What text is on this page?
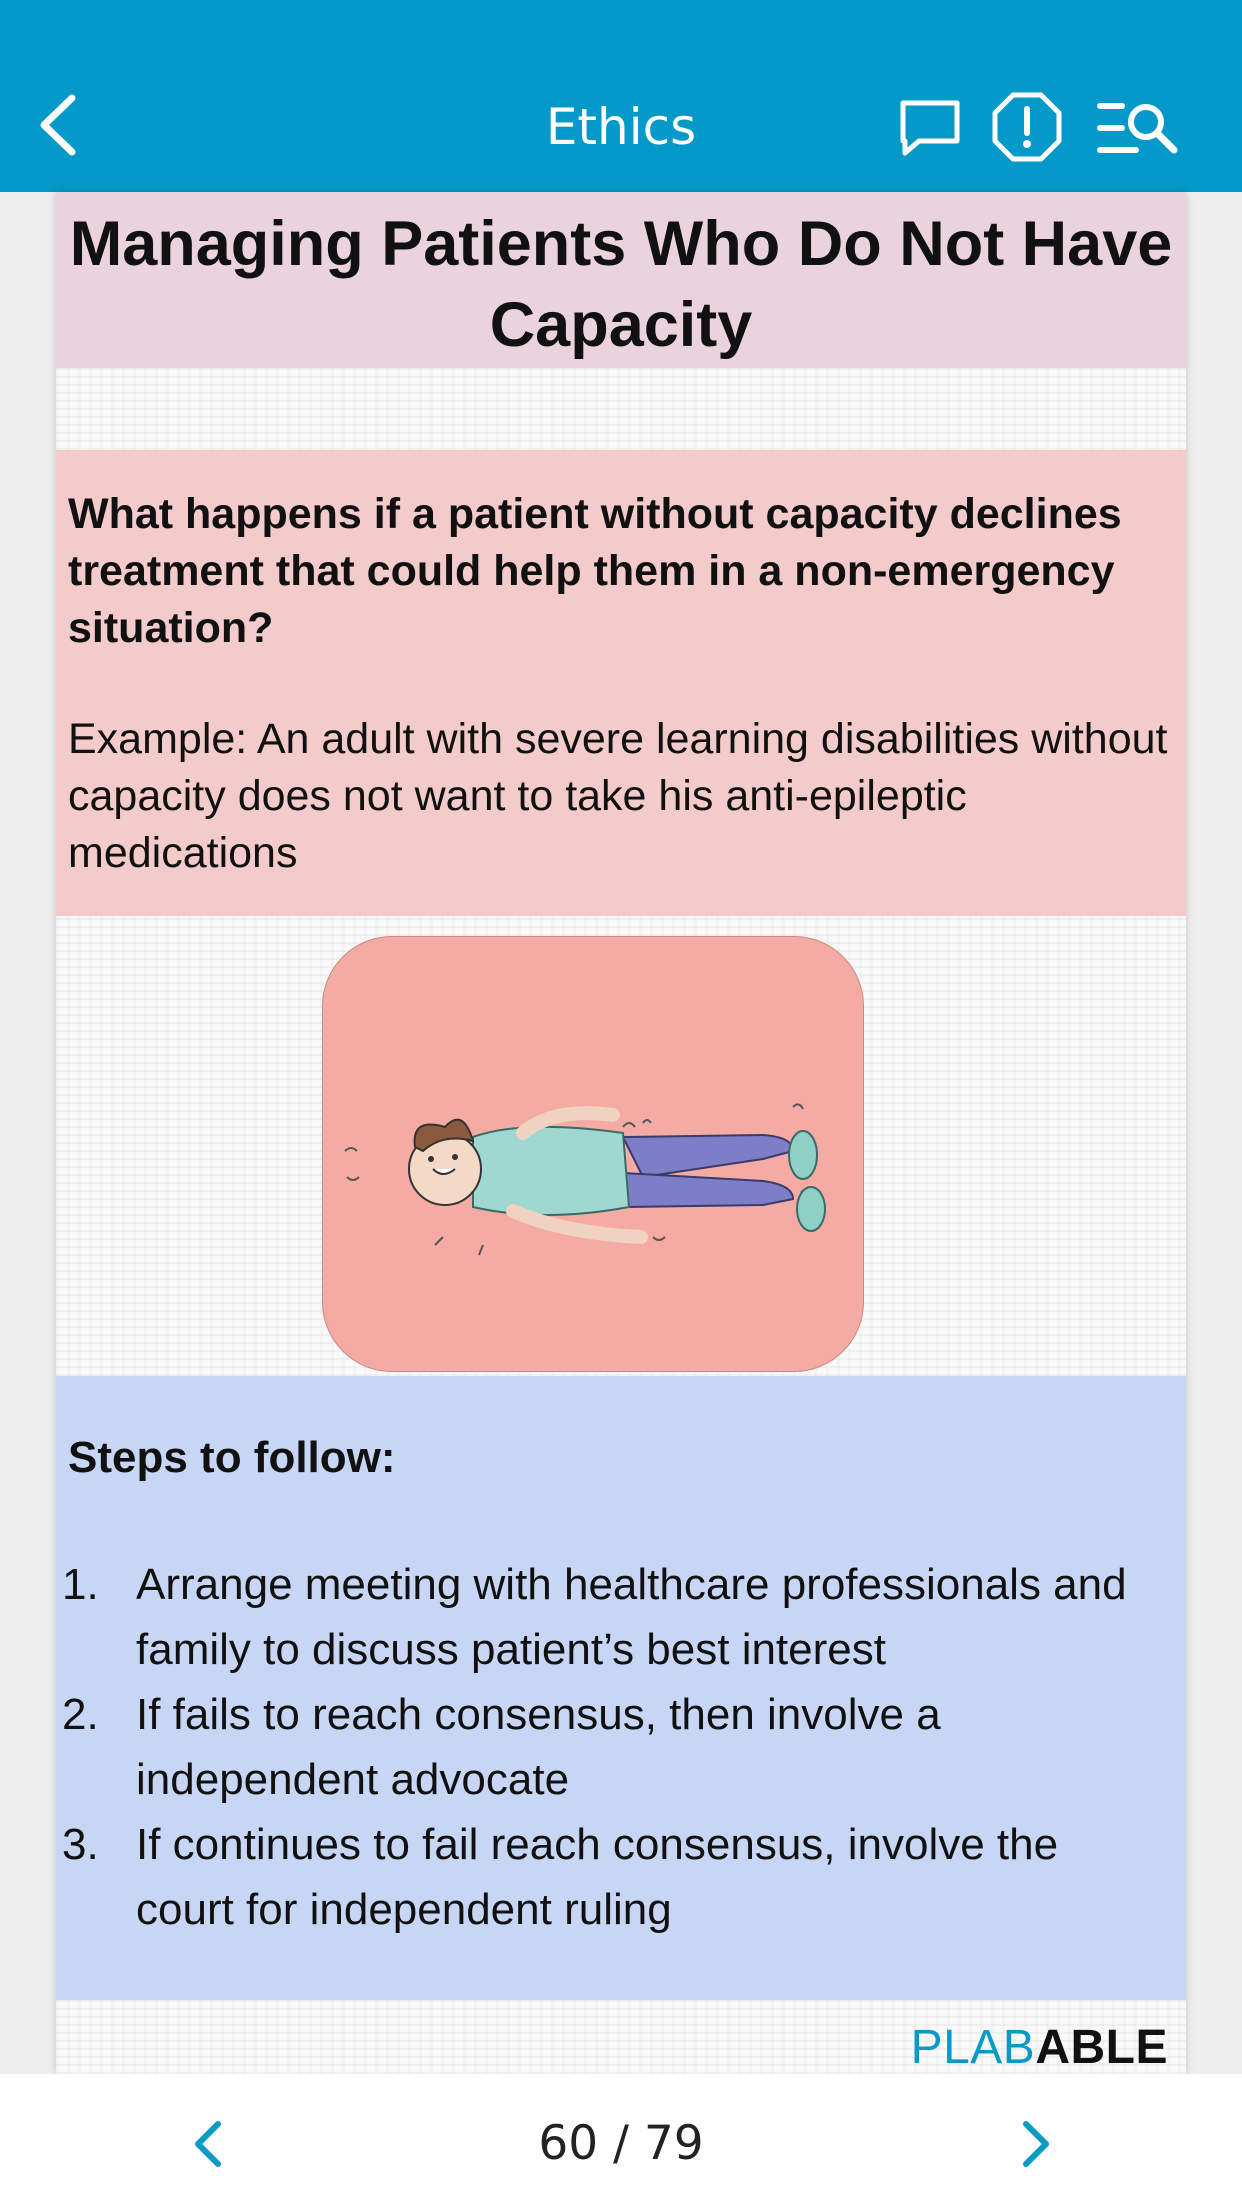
Ethics
Managing Patients Who Do Not Have Capacity
What happens if a patient without capacity declines treatment that could help them in a non-emergency situation?
Example: An adult with severe learning disabilities without capacity does not want to take his anti-epileptic medications
Steps to follow:
1. Arrange meeting with healthcare professionals and family to discuss patient’s best interest
2. If fails to reach consensus, then involve a independent advocate
3. If continues to fail reach consensus, involve the court for independent ruling
PLABABLE
60 / 79
